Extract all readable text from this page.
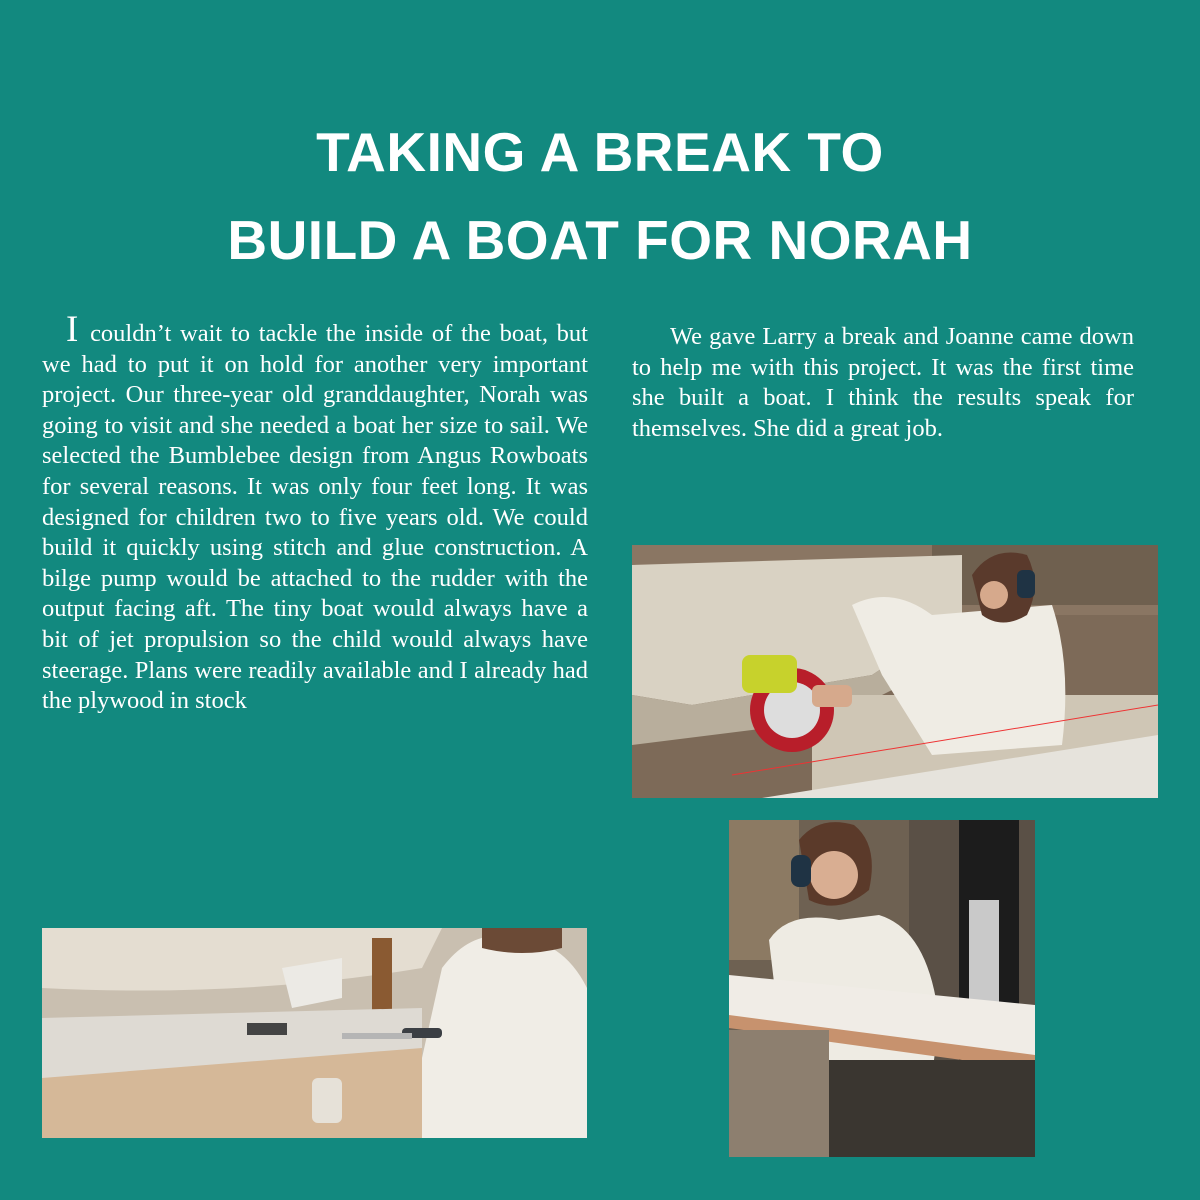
TAKING A BREAK TO
BUILD A BOAT FOR NORAH

I couldn’t wait to tackle the inside of the boat, but we had to put it on hold for another very important project. Our three-year old granddaughter, Norah was going to visit and she needed a boat her size to sail. We selected the Bumblebee design from Angus Rowboats for several reasons. It was only four feet long. It was designed for children two to five years old. We could build it quickly using stitch and glue construction. A bilge pump would be attached to the rudder with the output facing aft. The tiny boat would always have a bit of jet propulsion so the child would always have steerage. Plans were readily available and I already had the plywood in stock

We gave Larry a break and Joanne came down to help me with this project. It was the first time she built a boat. I think the results speak for themselves. She did a great job.
